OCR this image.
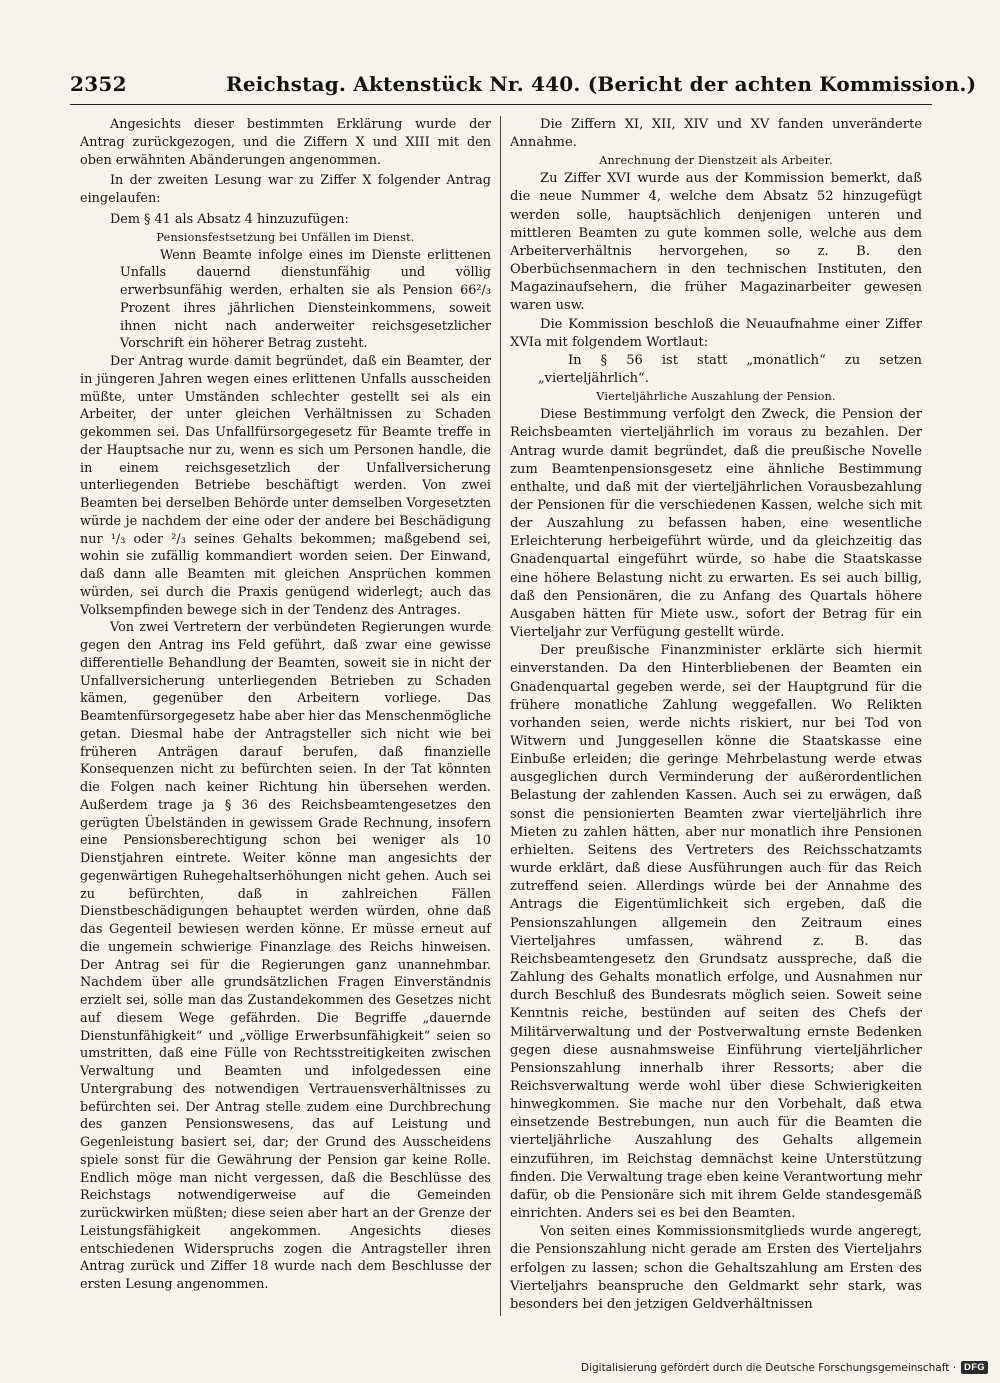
2352	Reichstag. Aktenstück Nr. 440. (Bericht der achten Kommission.)

Angesichts dieser bestimmten Erklärung wurde der Antrag zurückgezogen, und die Ziffern X und XIII mit den oben erwähnten Abänderungen angenommen.

In der zweiten Lesung war zu Ziffer X folgender Antrag eingelaufen:

Dem § 41 als Absatz 4 hinzuzufügen:

Pensionsfestsetzung bei Unfällen im Dienst.

Wenn Beamte infolge eines im Dienste erlittenen Unfalls dauernd dienstunfähig und völlig erwerbsunfähig werden, erhalten sie als Pension 66²/₃ Prozent ihres jährlichen Diensteinkommens, soweit ihnen nicht nach anderweiter reichsgesetzlicher Vorschrift ein höherer Betrag zusteht.

Der Antrag wurde damit begründet, daß ein Beamter, der in jüngeren Jahren wegen eines erlittenen Unfalls ausscheiden müßte, unter Umständen schlechter gestellt sei als ein Arbeiter, der unter gleichen Verhältnissen zu Schaden gekommen sei. Das Unfallfürsorgegesetz für Beamte treffe in der Hauptsache nur zu, wenn es sich um Personen handle, die in einem reichsgesetzlich der Unfallversicherung unterliegenden Betriebe beschäftigt werden. Von zwei Beamten bei derselben Behörde unter demselben Vorgesetzten würde je nachdem der eine oder der andere bei Beschädigung nur ¹/₃ oder ²/₃ seines Gehalts bekommen; maßgebend sei, wohin sie zufällig kommandiert worden seien. Der Einwand, daß dann alle Beamten mit gleichen Ansprüchen kommen würden, sei durch die Praxis genügend widerlegt; auch das Volksempfinden bewege sich in der Tendenz des Antrages.

Von zwei Vertretern der verbündeten Regierungen wurde gegen den Antrag ins Feld geführt, daß zwar eine gewisse differentielle Behandlung der Beamten, soweit sie in nicht der Unfallversicherung unterliegenden Betrieben zu Schaden kämen, gegenüber den Arbeitern vorliege. Das Beamtenfürsorgegesetz habe aber hier das Menschenmögliche getan. Diesmal habe der Antragsteller sich nicht wie bei früheren Anträgen darauf berufen, daß finanzielle Konsequenzen nicht zu befürchten seien. In der Tat könnten die Folgen nach keiner Richtung hin übersehen werden. Außerdem trage ja § 36 des Reichsbeamtengesetzes den gerügten Übelständen in gewissem Grade Rechnung, insofern eine Pensionsberechtigung schon bei weniger als 10 Dienstjahren eintrete. Weiter könne man angesichts der gegenwärtigen Ruhegehaltserhöhungen nicht gehen. Auch sei zu befürchten, daß in zahlreichen Fällen Dienstbeschädigungen behauptet werden würden, ohne daß das Gegenteil bewiesen werden könne. Er müsse erneut auf die ungemein schwierige Finanzlage des Reichs hinweisen. Der Antrag sei für die Regierungen ganz unannehmbar. Nachdem über alle grundsätzlichen Fragen Einverständnis erzielt sei, solle man das Zustandekommen des Gesetzes nicht auf diesem Wege gefährden. Die Begriffe „dauernde Dienstunfähigkeit“ und „völlige Erwerbsunfähigkeit“ seien so umstritten, daß eine Fülle von Rechtsstreitigkeiten zwischen Verwaltung und Beamten und infolgedessen eine Untergrabung des notwendigen Vertrauensverhältnisses zu befürchten sei. Der Antrag stelle zudem eine Durchbrechung des ganzen Pensionswesens, das auf Leistung und Gegenleistung basiert sei, dar; der Grund des Ausscheidens spiele sonst für die Gewährung der Pension gar keine Rolle. Endlich möge man nicht vergessen, daß die Beschlüsse des Reichstags notwendigerweise auf die Gemeinden zurückwirken müßten; diese seien aber hart an der Grenze der Leistungsfähigkeit angekommen. Angesichts dieses entschiedenen Widerspruchs zogen die Antragsteller ihren Antrag zurück und Ziffer 18 wurde nach dem Beschlusse der ersten Lesung angenommen.

Die Ziffern XI, XII, XIV und XV fanden unveränderte Annahme.

Anrechnung der Dienstzeit als Arbeiter.

Zu Ziffer XVI wurde aus der Kommission bemerkt, daß die neue Nummer 4, welche dem Absatz 52 hinzugefügt werden solle, hauptsächlich denjenigen unteren und mittleren Beamten zu gute kommen solle, welche aus dem Arbeiterverhältnis hervorgehen, so z. B. den Oberbüchsenmachern in den technischen Instituten, den Magazinaufsehern, die früher Magazinarbeiter gewesen waren usw.

Die Kommission beschloß die Neuaufnahme einer Ziffer XVIa mit folgendem Wortlaut:

In § 56 ist statt „monatlich“ zu setzen „vierteljährlich“.

Vierteljährliche Auszahlung der Pension.

Diese Bestimmung verfolgt den Zweck, die Pension der Reichsbeamten vierteljährlich im voraus zu bezahlen. Der Antrag wurde damit begründet, daß die preußische Novelle zum Beamtenpensionsgesetz eine ähnliche Bestimmung enthalte, und daß mit der vierteljährlichen Vorausbezahlung der Pensionen für die verschiedenen Kassen, welche sich mit der Auszahlung zu befassen haben, eine wesentliche Erleichterung herbeigeführt würde, und da gleichzeitig das Gnadenquartal eingeführt würde, so habe die Staatskasse eine höhere Belastung nicht zu erwarten. Es sei auch billig, daß den Pensionären, die zu Anfang des Quartals höhere Ausgaben hätten für Miete usw., sofort der Betrag für ein Vierteljahr zur Verfügung gestellt würde.

Der preußische Finanzminister erklärte sich hiermit einverstanden. Da den Hinterbliebenen der Beamten ein Gnadenquartal gegeben werde, sei der Hauptgrund für die frühere monatliche Zahlung weggefallen. Wo Relikten vorhanden seien, werde nichts riskiert, nur bei Tod von Witwern und Junggesellen könne die Staatskasse eine Einbuße erleiden; die geringe Mehrbelastung werde etwas ausgeglichen durch Verminderung der außerordentlichen Belastung der zahlenden Kassen. Auch sei zu erwägen, daß sonst die pensionierten Beamten zwar vierteljährlich ihre Mieten zu zahlen hätten, aber nur monatlich ihre Pensionen erhielten. Seitens des Vertreters des Reichsschatzamts wurde erklärt, daß diese Ausführungen auch für das Reich zutreffend seien. Allerdings würde bei der Annahme des Antrags die Eigentümlichkeit sich ergeben, daß die Pensionszahlungen allgemein den Zeitraum eines Vierteljahres umfassen, während z. B. das Reichsbeamtengesetz den Grundsatz ausspreche, daß die Zahlung des Gehalts monatlich erfolge, und Ausnahmen nur durch Beschluß des Bundesrats möglich seien. Soweit seine Kenntnis reiche, bestünden auf seiten des Chefs der Militärverwaltung und der Postverwaltung ernste Bedenken gegen diese ausnahmsweise Einführung vierteljährlicher Pensionszahlung innerhalb ihrer Ressorts; aber die Reichsverwaltung werde wohl über diese Schwierigkeiten hinwegkommen. Sie mache nur den Vorbehalt, daß etwa einsetzende Bestrebungen, nun auch für die Beamten die vierteljährliche Auszahlung des Gehalts allgemein einzuführen, im Reichstag demnächst keine Unterstützung finden. Die Verwaltung trage eben keine Verantwortung mehr dafür, ob die Pensionäre sich mit ihrem Gelde standesgemäß einrichten. Anders sei es bei den Beamten.

Von seiten eines Kommissionsmitglieds wurde angeregt, die Pensionszahlung nicht gerade am Ersten des Vierteljahrs erfolgen zu lassen; schon die Gehaltszahlung am Ersten des Vierteljahrs beanspruche den Geldmarkt sehr stark, was besonders bei den jetzigen Geldverhältnissen

Digitalisierung gefördert durch die Deutsche Forschungsgemeinschaft · DFG
